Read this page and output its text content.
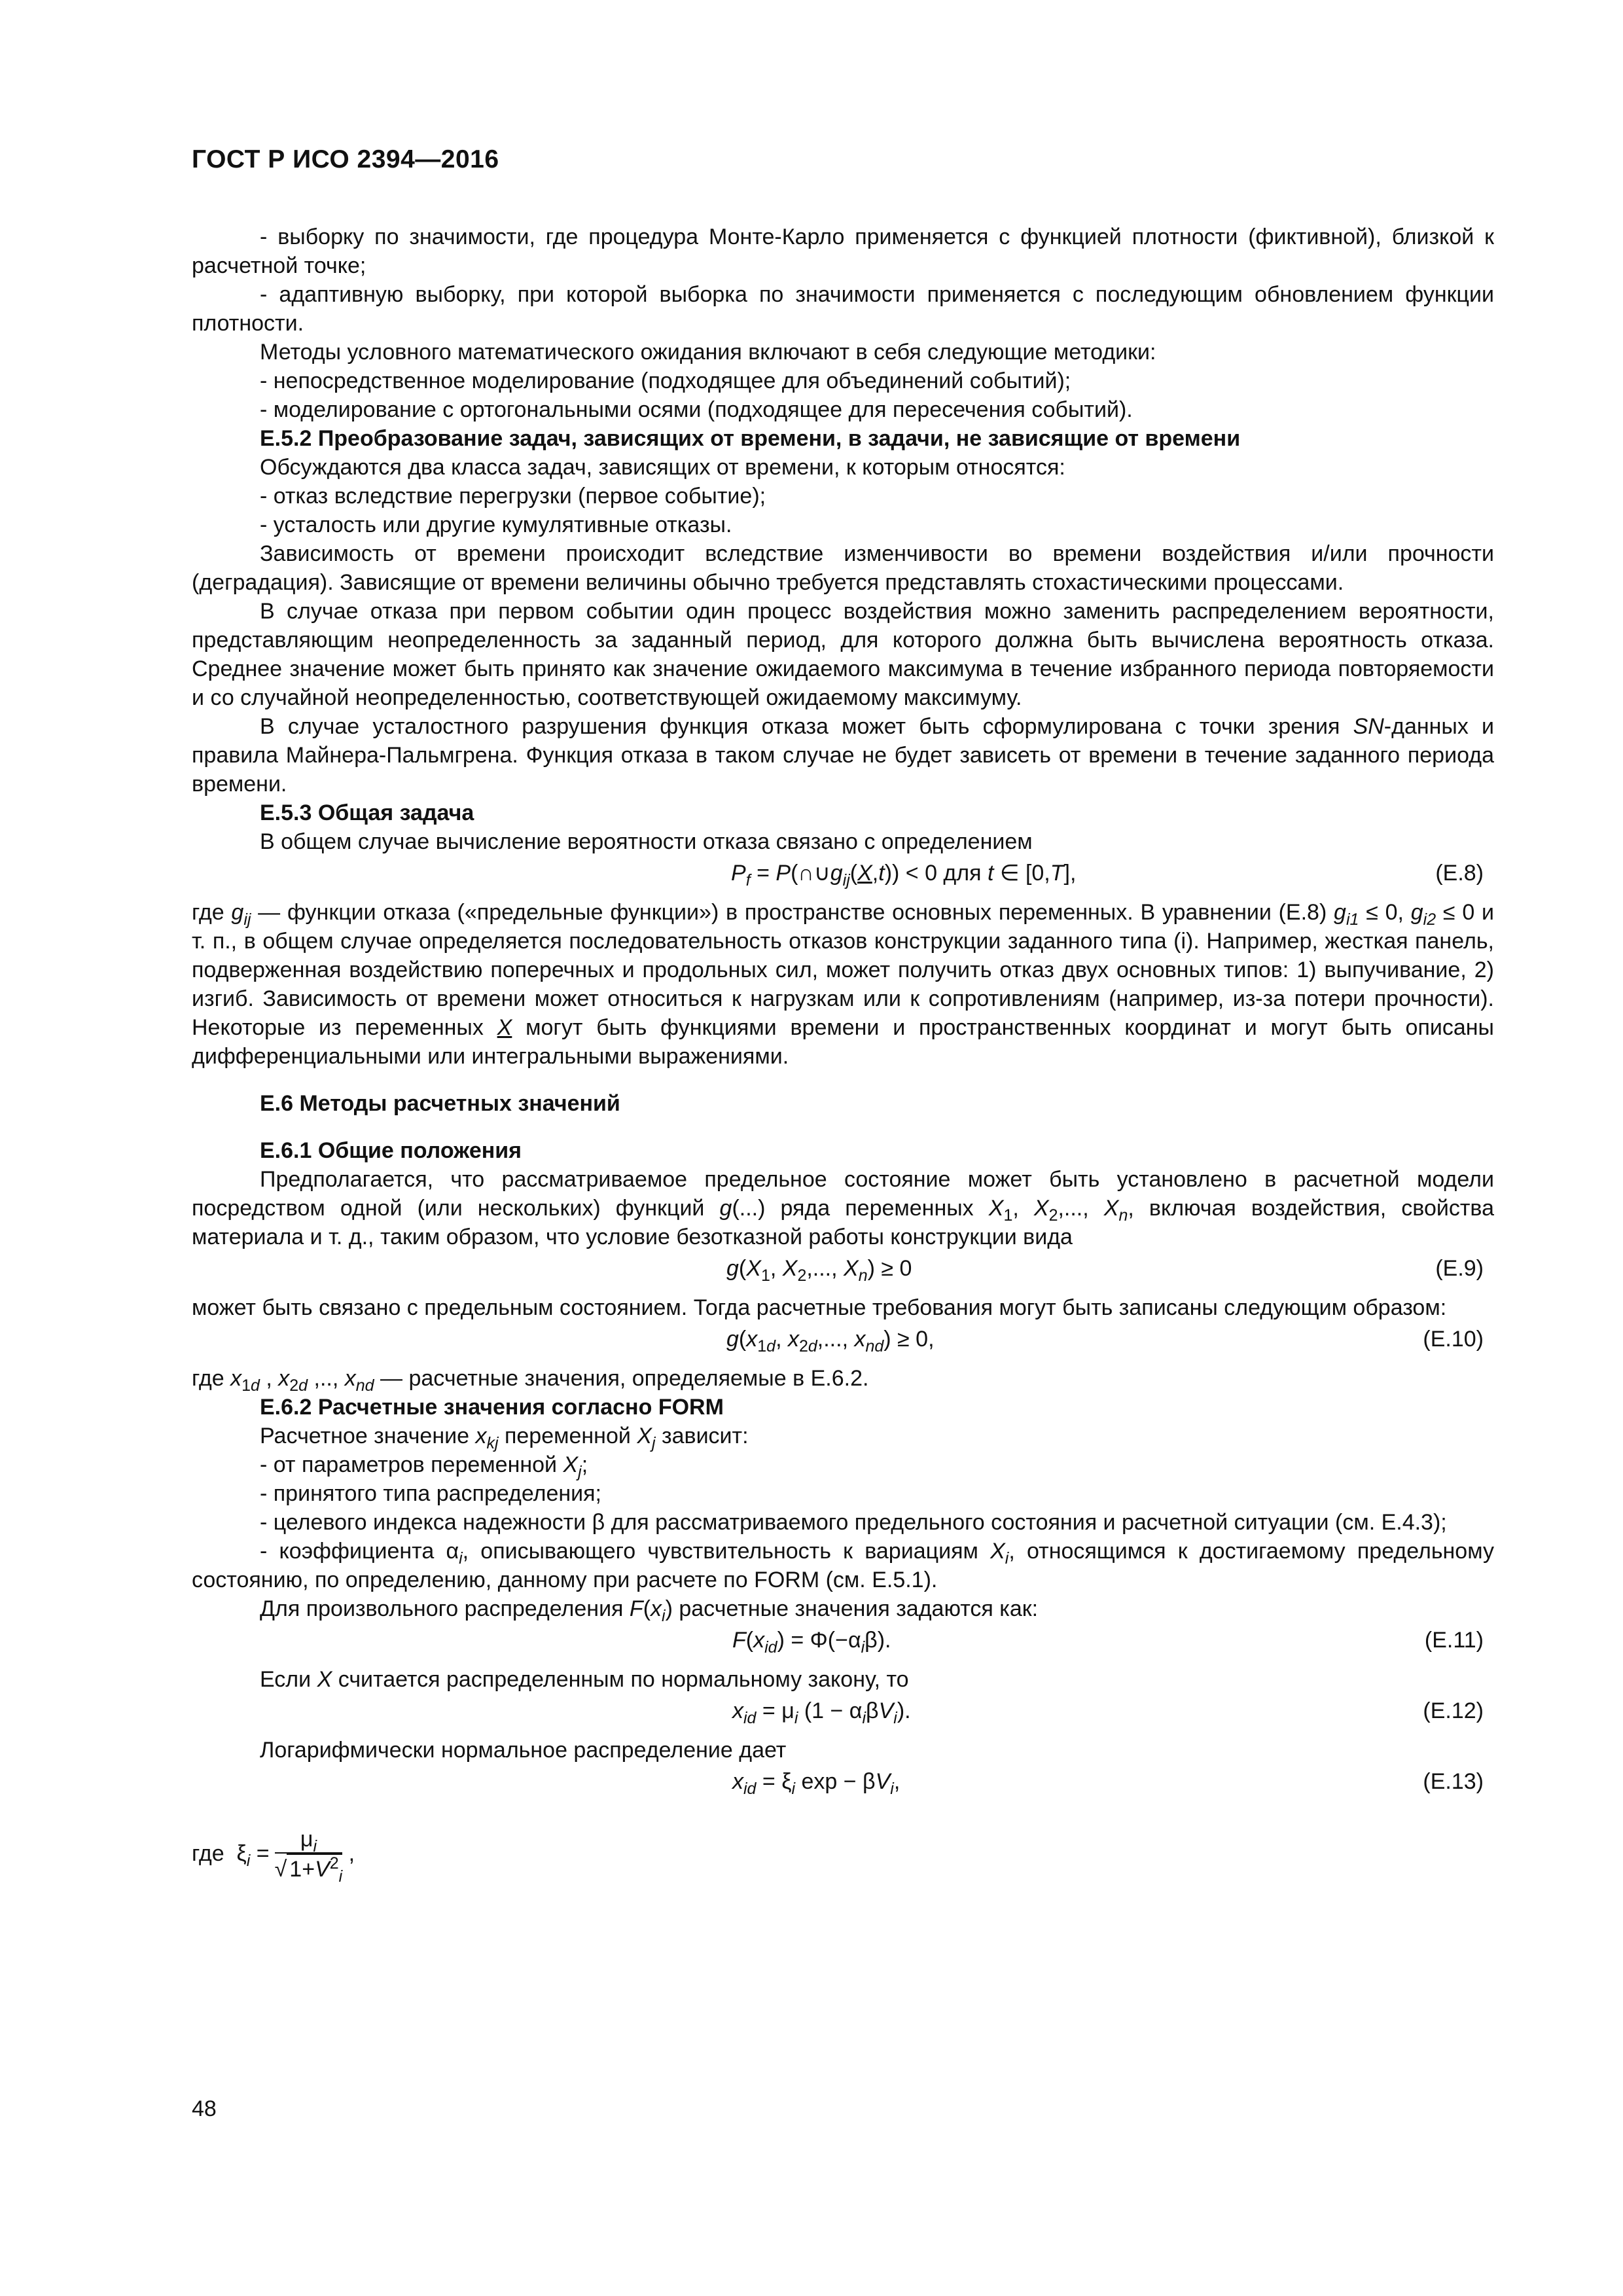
ГОСТ Р ИСО 2394—2016

- выборку по значимости, где процедура Монте-Карло применяется с функцией плотности (фиктивной), близкой к расчетной точке;

- адаптивную выборку, при которой выборка по значимости применяется с последующим обновлением функции плотности.

Методы условного математического ожидания включают в себя следующие методики:

- непосредственное моделирование (подходящее для объединений событий);

- моделирование с ортогональными осями (подходящее для пересечения событий).

Е.5.2 Преобразование задач, зависящих от времени, в задачи, не зависящие от времени

Обсуждаются два класса задач, зависящих от времени, к которым относятся:

- отказ вследствие перегрузки (первое событие);

- усталость или другие кумулятивные отказы.

Зависимость от времени происходит вследствие изменчивости во времени воздействия и/или прочности (деградация). Зависящие от времени величины обычно требуется представлять стохастическими процессами.

В случае отказа при первом событии один процесс воздействия можно заменить распределением вероятности, представляющим неопределенность за заданный период, для которого должна быть вычислена вероятность отказа. Среднее значение может быть принято как значение ожидаемого максимума в течение избранного периода повторяемости и со случайной неопределенностью, соответствующей ожидаемому максимуму.

В случае усталостного разрушения функция отказа может быть сформулирована с точки зрения SN-данных и правила Майнера-Пальмгрена. Функция отказа в таком случае не будет зависеть от времени в течение заданного периода времени.

Е.5.3 Общая задача

В общем случае вычисление вероятности отказа связано с определением

$P_f$ = $P(\cap\cup g_{ij}(X,t)) < 0$ для t ∈ [0,T],	(Е.8)

где $g_{ij}$ — функции отказа («предельные функции») в пространстве основных переменных. В уравнении (Е.8) $g_{i1} \le 0$, $g_{i2} \le 0$ и т. п., в общем случае определяется последовательность отказов конструкции заданного типа (i). Например, жесткая панель, подверженная воздействию поперечных и продольных сил, может получить отказ двух основных типов: 1) выпучивание, 2) изгиб. Зависимость от времени может относиться к нагрузкам или к сопротивлениям (например, из-за потери прочности). Некоторые из переменных X могут быть функциями времени и пространственных координат и могут быть описаны дифференциальными или интегральными выражениями.

Е.6 Методы расчетных значений

Е.6.1 Общие положения

Предполагается, что рассматриваемое предельное состояние может быть установлено в расчетной модели посредством одной (или нескольких) функций g(...) ряда переменных $X_1$, $X_2$,..., $X_n$, включая воздействия, свойства материала и т. д., таким образом, что условие безотказной работы конструкции вида

$g(X_1$, $X_2$,..., $X_n) \ge 0$	(Е.9)

может быть связано с предельным состоянием. Тогда расчетные требования могут быть записаны следующим образом:

$g(x_{1d}$, $x_{2d}$,..., $x_{nd}) \ge 0$,	(Е.10)

где $x_{1d}$ , $x_{2d}$ ,.., $x_{nd}$ — расчетные значения, определяемые в Е.6.2.

Е.6.2 Расчетные значения согласно FORM

Расчетное значение $x_{kj}$ переменной $X_j$ зависит:

- от параметров переменной $X_j$;

- принятого типа распределения;

- целевого индекса надежности β для рассматриваемого предельного состояния и расчетной ситуации (см. Е.4.3);

- коэффициента $\alpha_i$, описывающего чувствительность к вариациям $X_i$, относящимся к достигаемому предельному состоянию, по определению, данному при расчете по FORM (см. Е.5.1).

Для произвольного распределения $F(x_i)$ расчетные значения задаются как:

$F(x_{id}) = \Phi(-\alpha_i\beta)$.	(Е.11)

Если X считается распределенным по нормальному закону, то

$x_{id} = \mu_i$ $(1 - \alpha_i\beta V_i)$.	(Е.12)

Логарифмически нормальное распределение дает

$x_{id} = \xi_i$ $\exp - \beta V_i$,	(Е.13)

где  $\xi_i = \frac{\mu_i}{√ 1+V^2_i}$ ,

48
